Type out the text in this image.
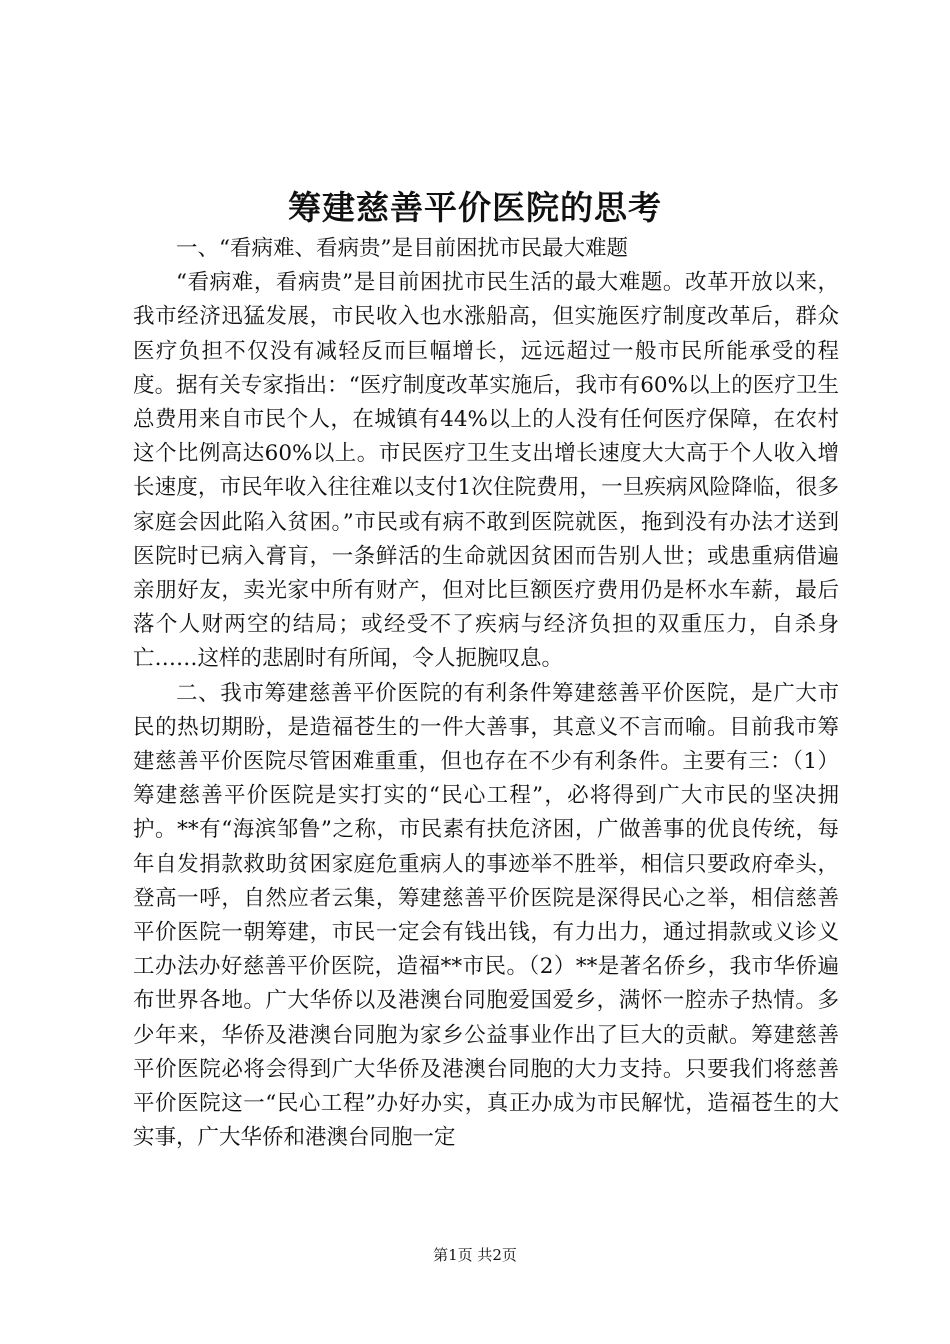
筹建慈善平价医院的思考

一、“看病难、看病贵”是目前困扰市民最大难题

“看病难，看病贵”是目前困扰市民生活的最大难题。改革开放以来，我市经济迅猛发展，市民收入也水涨船高，但实施医疗制度改革后，群众医疗负担不仅没有减轻反而巨幅增长，远远超过一般市民所能承受的程度。据有关专家指出：“医疗制度改革实施后，我市有60%以上的医疗卫生总费用来自市民个人，在城镇有44%以上的人没有任何医疗保障，在农村这个比例高达60%以上。市民医疗卫生支出增长速度大大高于个人收入增长速度，市民年收入往往难以支付1次住院费用，一旦疾病风险降临，很多家庭会因此陷入贫困。”市民或有病不敢到医院就医，拖到没有办法才送到医院时已病入膏肓，一条鲜活的生命就因贫困而告别人世；或患重病借遍亲朋好友，卖光家中所有财产，但对比巨额医疗费用仍是杯水车薪，最后落个人财两空的结局；或经受不了疾病与经济负担的双重压力，自杀身亡……这样的悲剧时有所闻，令人扼腕叹息。

二、我市筹建慈善平价医院的有利条件筹建慈善平价医院，是广大市民的热切期盼，是造福苍生的一件大善事，其意义不言而喻。目前我市筹建慈善平价医院尽管困难重重，但也存在不少有利条件。主要有三：（1）筹建慈善平价医院是实打实的“民心工程”，必将得到广大市民的坚决拥护。**有“海滨邹鲁”之称，市民素有扶危济困，广做善事的优良传统，每年自发捐款救助贫困家庭危重病人的事迹举不胜举，相信只要政府牵头，登高一呼，自然应者云集，筹建慈善平价医院是深得民心之举，相信慈善平价医院一朝筹建，市民一定会有钱出钱，有力出力，通过捐款或义诊义工办法办好慈善平价医院，造福**市民。（2）**是著名侨乡，我市华侨遍布世界各地。广大华侨以及港澳台同胞爱国爱乡，满怀一腔赤子热情。多少年来，华侨及港澳台同胞为家乡公益事业作出了巨大的贡献。筹建慈善平价医院必将会得到广大华侨及港澳台同胞的大力支持。只要我们将慈善平价医院这一“民心工程”办好办实，真正办成为市民解忧，造福苍生的大实事，广大华侨和港澳台同胞一定

第1页 共2页
